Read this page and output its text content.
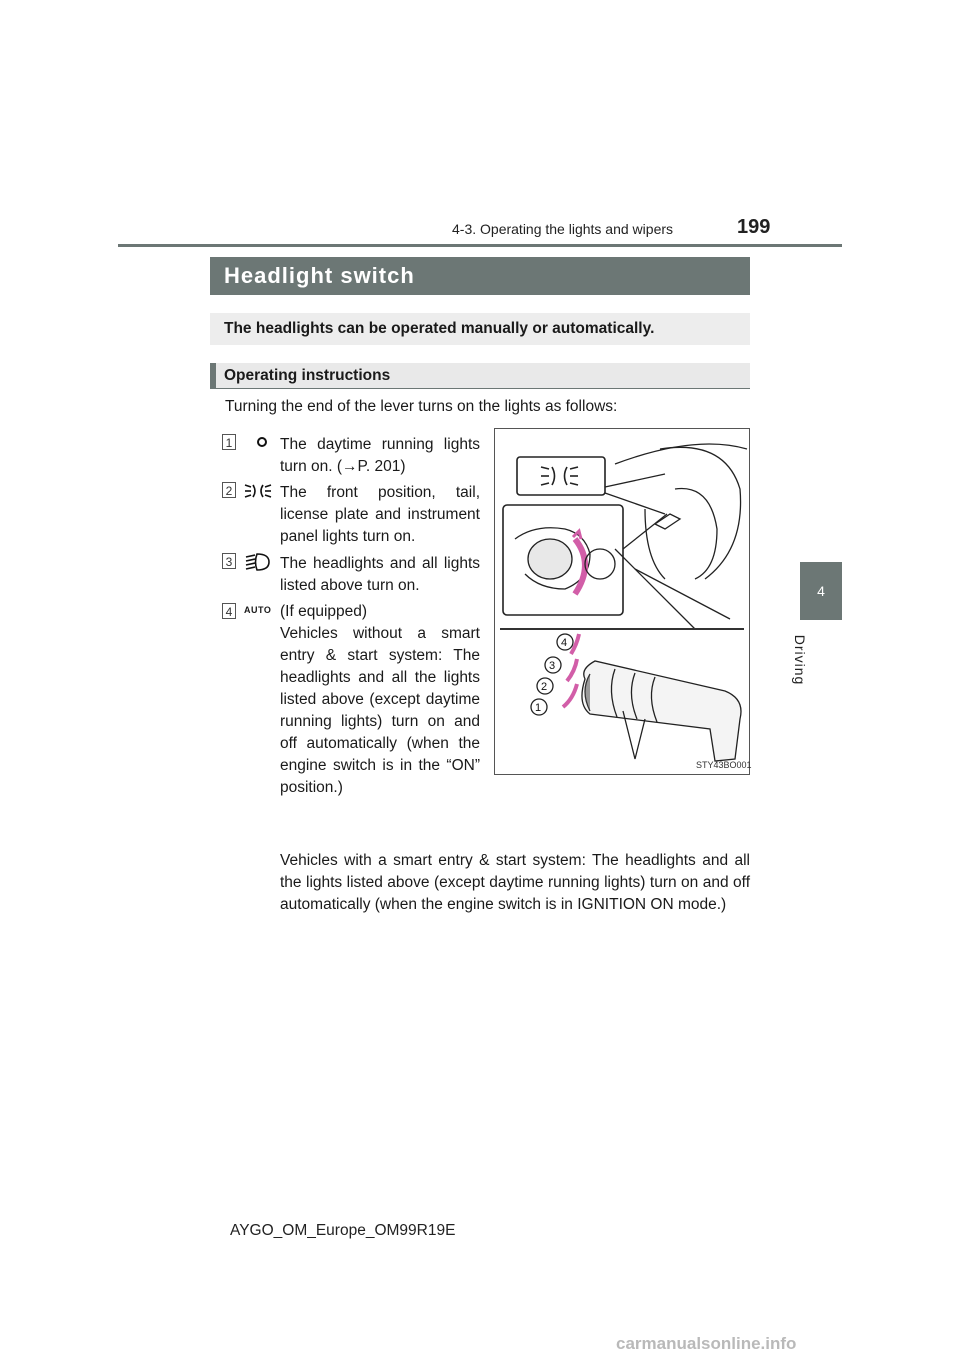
4-3. Operating the lights and wipers	199
4
Driving
Headlight switch
The headlights can be operated manually or automatically.
Operating instructions
Turning the end of the lever turns on the lights as follows:
1	The daytime running lights turn on. (→P. 201)
2	The front position, tail, license plate and instrument panel lights turn on.
3	The headlights and all lights listed above turn on.
4	AUTO (If equipped)
Vehicles without a smart entry & start system: The headlights and all the lights listed above (except daytime running lights) turn on and off automatically (when the engine switch is in the “ON” position.)
Vehicles with a smart entry & start system: The headlights and all the lights listed above (except daytime running lights) turn on and off automatically (when the engine switch is in IGNITION ON mode.)
4
3
2
1
STY43BO001
AYGO_OM_Europe_OM99R19E
carmanualsonline.info
